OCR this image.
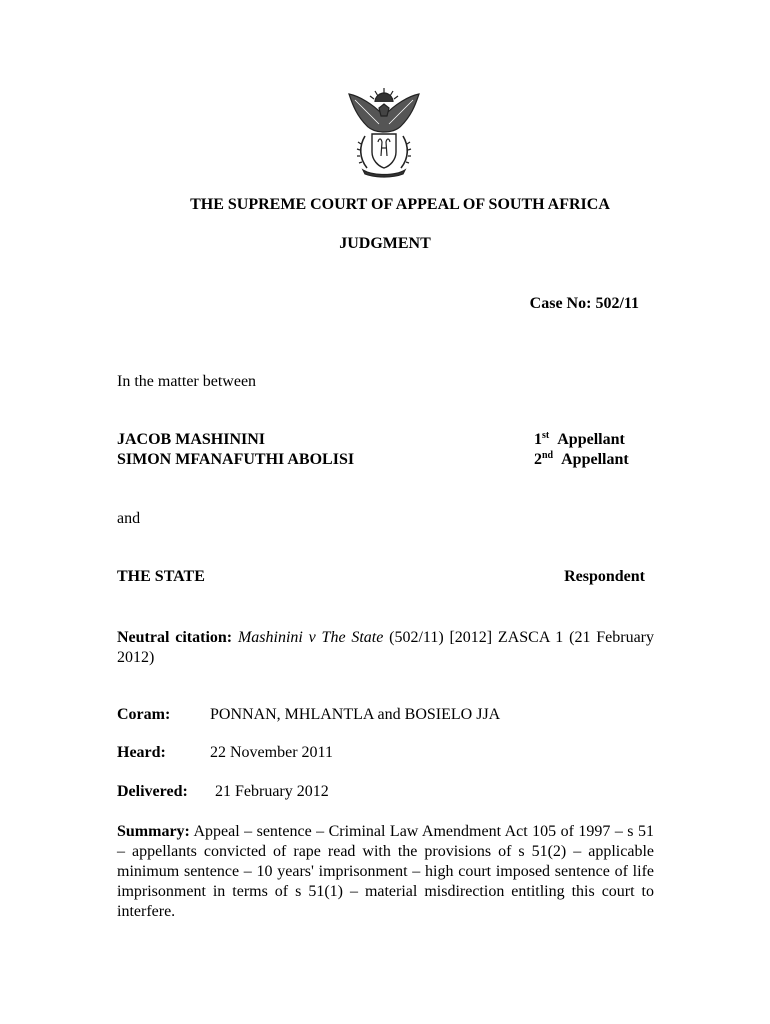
THE SUPREME COURT OF APPEAL OF SOUTH AFRICA
JUDGMENT
Case No: 502/11
In the matter between
JACOB MASHININI	1st Appellant
SIMON MFANAFUTHI ABOLISI	2nd Appellant
and
THE STATE	Respondent
Neutral citation: Mashinini v The State (502/11) [2012] ZASCA 1 (21 February 2012)
Coram: PONNAN, MHLANTLA and BOSIELO JJA
Heard:	22 November 2011
Delivered: 21 February 2012
Summary: Appeal – sentence – Criminal Law Amendment Act 105 of 1997 – s 51 – appellants convicted of rape read with the provisions of s 51(2) – applicable minimum sentence – 10 years' imprisonment – high court imposed sentence of life imprisonment in terms of s 51(1) – material misdirection entitling this court to interfere.
